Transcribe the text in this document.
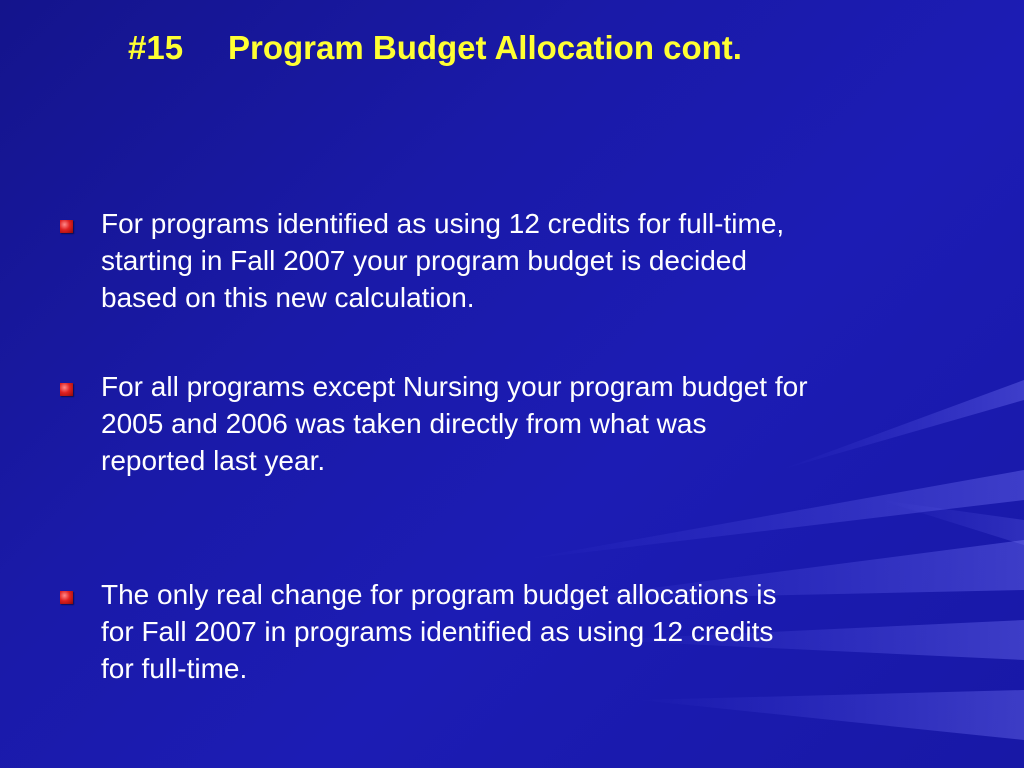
#15 Program Budget Allocation cont.
For programs identified as using 12 credits for full-time,
starting in Fall 2007 your program budget is decided
based on this new calculation.
For all programs except Nursing your program budget for
2005 and 2006 was taken directly from what was
reported last year.
The only real change for program budget allocations is
for Fall 2007 in programs identified as using 12 credits
for full-time.
